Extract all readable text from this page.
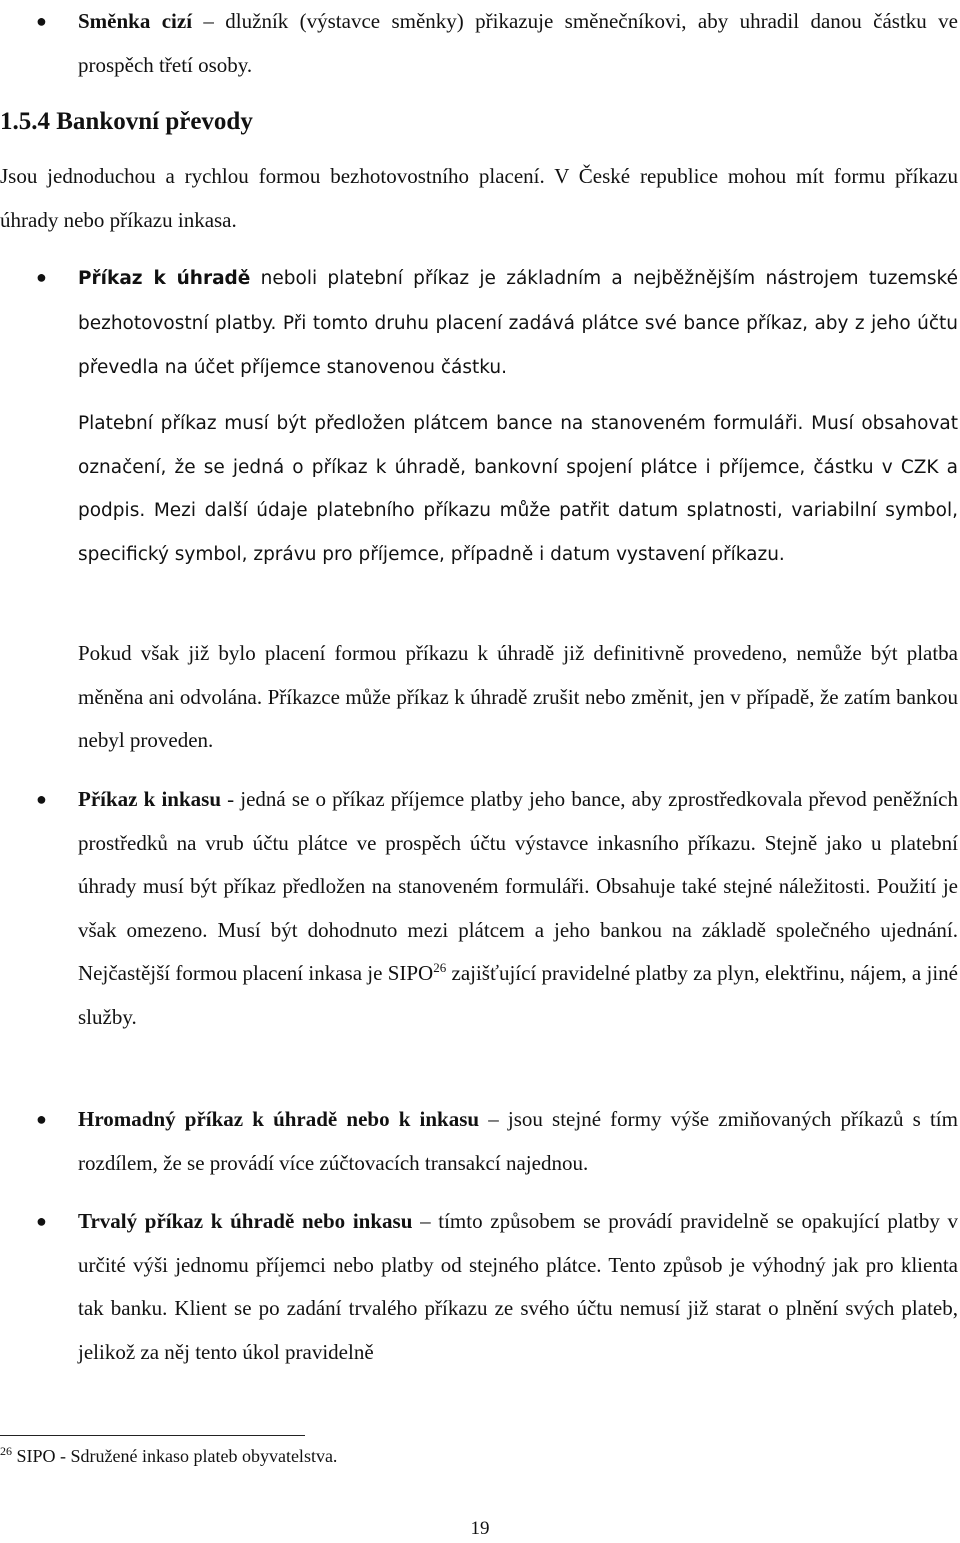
● Směnka cizí – dlužník (výstavce směnky) přikazuje směnečníkovi, aby uhradil danou částku ve prospěch třetí osoby.
1.5.4 Bankovní převody
Jsou jednoduchou a rychlou formou bezhotovostního placení. V České republice mohou mít formu příkazu úhrady nebo příkazu inkasa.
● Příkaz k úhradě neboli platební příkaz je základním a nejběžnějším nástrojem tuzemské bezhotovostní platby. Při tomto druhu placení zadává plátce své bance příkaz, aby z jeho účtu převedla na účet příjemce stanovenou částku.
Platební příkaz musí být předložen plátcem bance na stanoveném formuláři. Musí obsahovat označení, že se jedná o příkaz k úhradě, bankovní spojení plátce i příjemce, částku v CZK a podpis. Mezi další údaje platebního příkazu může patřit datum splatnosti, variabilní symbol, specifický symbol, zprávu pro příjemce, případně i datum vystavení příkazu.
Pokud však již bylo placení formou příkazu k úhradě již definitivně provedeno, nemůže být platba měněna ani odvolána. Příkazce může příkaz k úhradě zrušit nebo změnit, jen v případě, že zatím bankou nebyl proveden.
● Příkaz k inkasu - jedná se o příkaz příjemce platby jeho bance, aby zprostředkovala převod peněžních prostředků na vrub účtu plátce ve prospěch účtu výstavce inkasního příkazu. Stejně jako u platební úhrady musí být příkaz předložen na stanoveném formuláři. Obsahuje také stejné náležitosti. Použití je však omezeno. Musí být dohodnuto mezi plátcem a jeho bankou na základě společného ujednání. Nejčastější formou placení inkasa je SIPO$^{26}$ zajišťující pravidelné platby za plyn, elektřinu, nájem, a jiné služby.
● Hromadný příkaz k úhradě nebo k inkasu – jsou stejné formy výše zmiňovaných příkazů s tím rozdílem, že se provádí více zúčtovacích transakcí najednou.
● Trvalý příkaz k úhradě nebo inkasu – tímto způsobem se provádí pravidelně se opakující platby v určité výši jednomu příjemci nebo platby od stejného plátce. Tento způsob je výhodný jak pro klienta tak banku. Klient se po zadání trvalého příkazu ze svého účtu nemusí již starat o plnění svých plateb, jelikož za něj tento úkol pravidelně
$^{26}$ SIPO - Sdružené inkaso plateb obyvatelstva.
19
